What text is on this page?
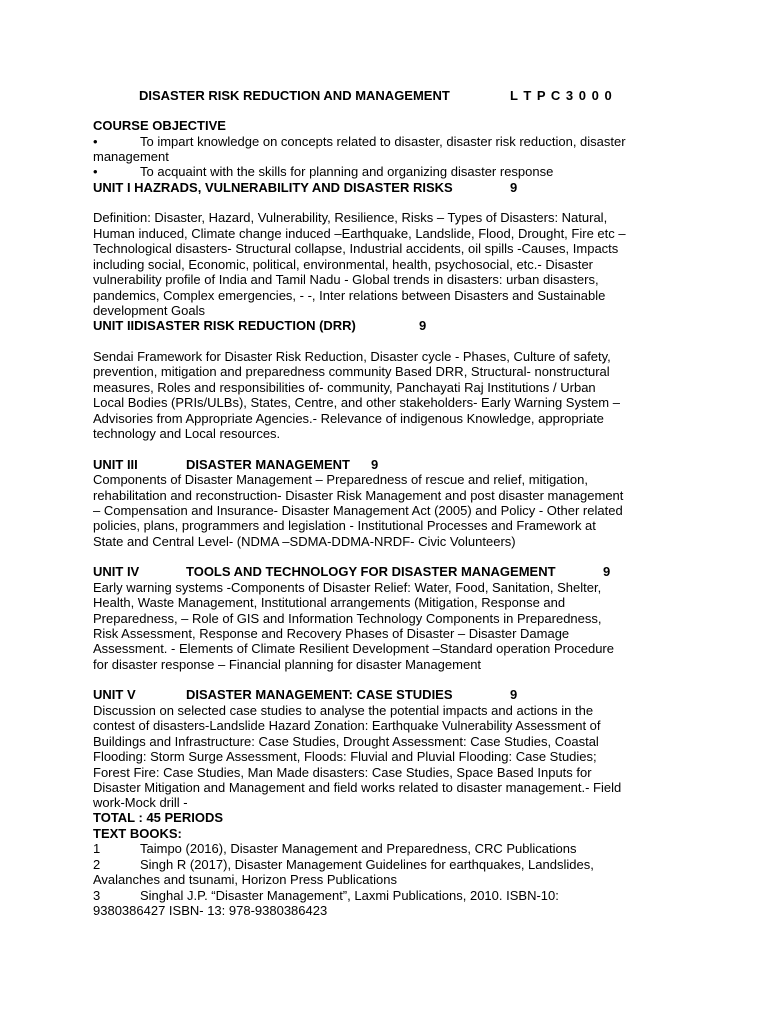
DISASTER RISK REDUCTION AND MANAGEMENT	L T P C 3 0 0 0

COURSE OBJECTIVE

•	To impart knowledge on concepts related to disaster, disaster risk reduction, disaster

management

•	To acquaint with the skills for planning and organizing disaster response

UNIT I HAZRADS, VULNERABILITY AND DISASTER RISKS	9

Definition: Disaster, Hazard, Vulnerability, Resilience, Risks – Types of Disasters: Natural,

Human induced, Climate change induced –Earthquake, Landslide, Flood, Drought, Fire etc –

Technological disasters- Structural collapse, Industrial accidents, oil spills -Causes, Impacts

including social, Economic, political, environmental, health, psychosocial, etc.- Disaster

vulnerability profile of India and Tamil Nadu - Global trends in disasters: urban disasters,

pandemics, Complex emergencies, - -, Inter relations between Disasters and Sustainable

development Goals

UNIT IIDISASTER RISK REDUCTION (DRR)	9

Sendai Framework for Disaster Risk Reduction, Disaster cycle - Phases, Culture of safety,

prevention, mitigation and preparedness community Based DRR, Structural- nonstructural

measures, Roles and responsibilities of- community, Panchayati Raj Institutions / Urban

Local Bodies (PRIs/ULBs), States, Centre, and other stakeholders- Early Warning System –

Advisories from Appropriate Agencies.- Relevance of indigenous Knowledge, appropriate

technology and Local resources.

UNIT III	DISASTER MANAGEMENT 9

Components of Disaster Management – Preparedness of rescue and relief, mitigation,

rehabilitation and reconstruction- Disaster Risk Management and post disaster management

– Compensation and Insurance- Disaster Management Act (2005) and Policy - Other related

policies, plans, programmers and legislation - Institutional Processes and Framework at

State and Central Level- (NDMA –SDMA-DDMA-NRDF- Civic Volunteers)

UNIT IV	TOOLS AND TECHNOLOGY FOR DISASTER MANAGEMENT	9

Early warning systems -Components of Disaster Relief: Water, Food, Sanitation, Shelter,

Health, Waste Management, Institutional arrangements (Mitigation, Response and

Preparedness, – Role of GIS and Information Technology Components in Preparedness,

Risk Assessment, Response and Recovery Phases of Disaster – Disaster Damage

Assessment. - Elements of Climate Resilient Development –Standard operation Procedure

for disaster response – Financial planning for disaster Management

UNIT V	DISASTER MANAGEMENT: CASE STUDIES	9

Discussion on selected case studies to analyse the potential impacts and actions in the

contest of disasters-Landslide Hazard Zonation: Earthquake Vulnerability Assessment of

Buildings and Infrastructure: Case Studies, Drought Assessment: Case Studies, Coastal

Flooding: Storm Surge Assessment, Floods: Fluvial and Pluvial Flooding: Case Studies;

Forest Fire: Case Studies, Man Made disasters: Case Studies, Space Based Inputs for

Disaster Mitigation and Management and field works related to disaster management.- Field

work-Mock drill -

TOTAL : 45 PERIODS

TEXT BOOKS:

1	Taimpo (2016), Disaster Management and Preparedness, CRC Publications

2	Singh R (2017), Disaster Management Guidelines for earthquakes, Landslides,

Avalanches and tsunami, Horizon Press Publications

3	Singhal J.P. “Disaster Management”, Laxmi Publications, 2010. ISBN-10:

9380386427 ISBN- 13: 978-9380386423
